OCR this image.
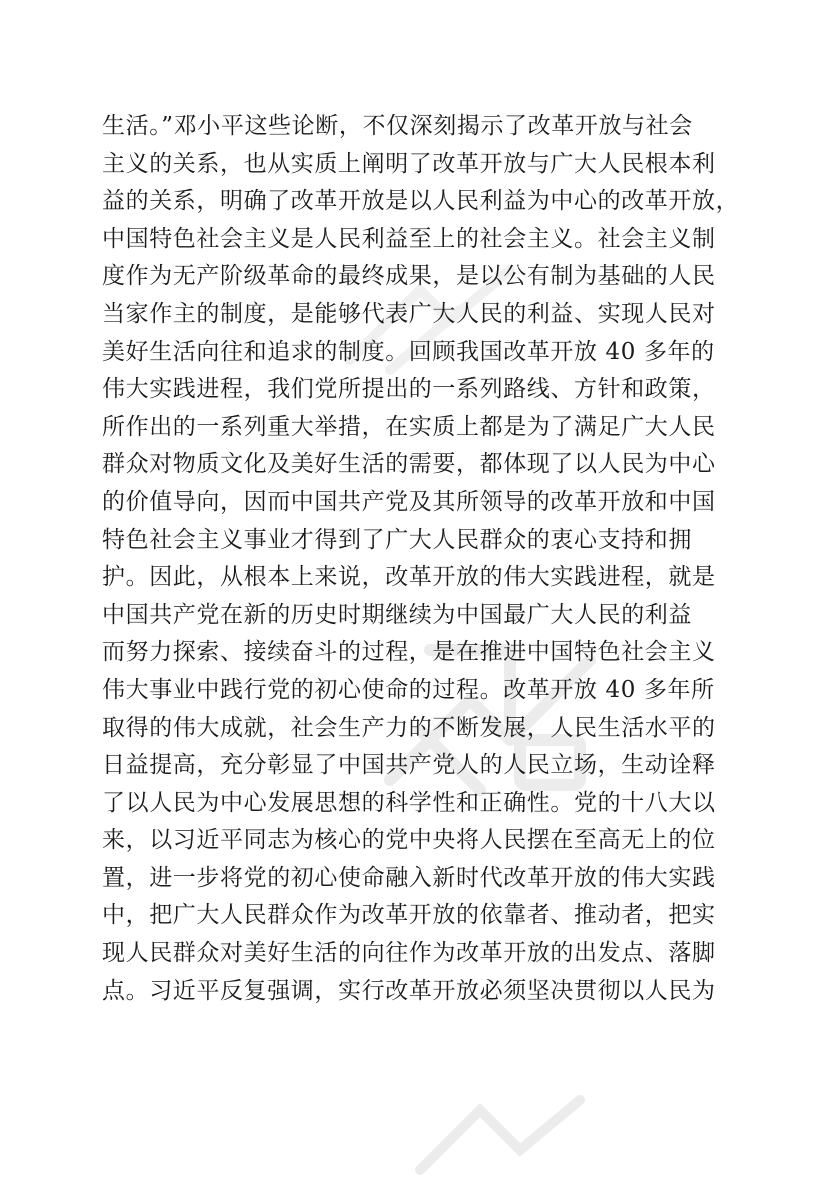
生活。”邓小平这些论断，不仅深刻揭示了改革开放与社会
主义的关系，也从实质上阐明了改革开放与广大人民根本利
益的关系，明确了改革开放是以人民利益为中心的改革开放，
中国特色社会主义是人民利益至上的社会主义。社会主义制
度作为无产阶级革命的最终成果，是以公有制为基础的人民
当家作主的制度，是能够代表广大人民的利益、实现人民对
美好生活向往和追求的制度。回顾我国改革开放 40 多年的
伟大实践进程，我们党所提出的一系列路线、方针和政策，
所作出的一系列重大举措，在实质上都是为了满足广大人民
群众对物质文化及美好生活的需要，都体现了以人民为中心
的价值导向，因而中国共产党及其所领导的改革开放和中国
特色社会主义事业才得到了广大人民群众的衷心支持和拥
护。因此，从根本上来说，改革开放的伟大实践进程，就是
中国共产党在新的历史时期继续为中国最广大人民的利益
而努力探索、接续奋斗的过程，是在推进中国特色社会主义
伟大事业中践行党的初心使命的过程。改革开放 40 多年所
取得的伟大成就，社会生产力的不断发展，人民生活水平的
日益提高，充分彰显了中国共产党人的人民立场，生动诠释
了以人民为中心发展思想的科学性和正确性。党的十八大以
来，以习近平同志为核心的党中央将人民摆在至高无上的位
置，进一步将党的初心使命融入新时代改革开放的伟大实践
中，把广大人民群众作为改革开放的依靠者、推动者，把实
现人民群众对美好生活的向往作为改革开放的出发点、落脚
点。习近平反复强调，实行改革开放必须坚决贯彻以人民为
